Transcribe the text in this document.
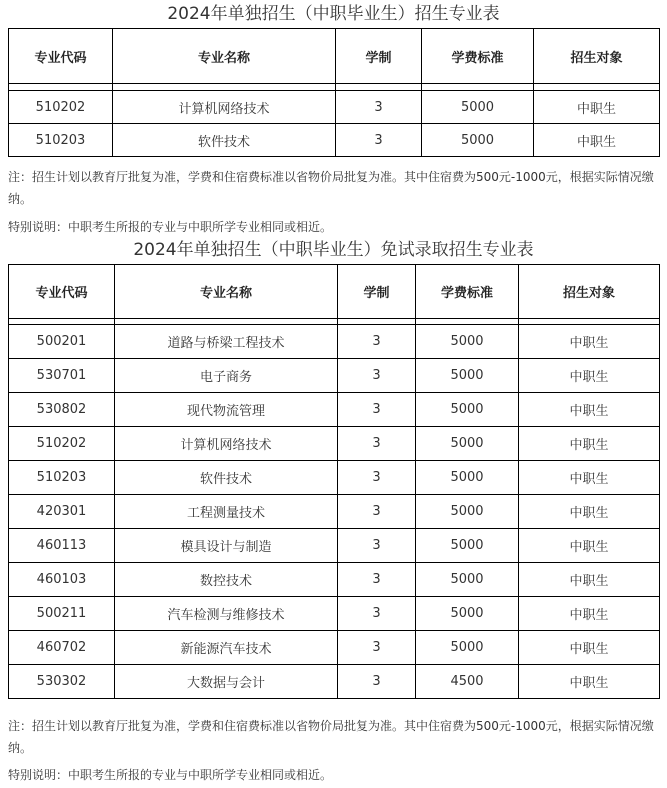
2024年单独招生（中职毕业生）招生专业表
专业代码	专业名称	学制	学费标准	招生对象

510202	计算机网络技术	3	5000	中职生
510203	软件技术	3	5000	中职生
注：招生计划以教育厅批复为准，学费和住宿费标准以省物价局批复为准。其中住宿费为500元-1000元，根据实际情况缴纳。
特别说明：中职考生所报的专业与中职所学专业相同或相近。
2024年单独招生（中职毕业生）免试录取招生专业表
专业代码	专业名称	学制	学费标准	招生对象

500201	道路与桥梁工程技术	3	5000	中职生
530701	电子商务	3	5000	中职生
530802	现代物流管理	3	5000	中职生
510202	计算机网络技术	3	5000	中职生
510203	软件技术	3	5000	中职生
420301	工程测量技术	3	5000	中职生
460113	模具设计与制造	3	5000	中职生
460103	数控技术	3	5000	中职生
500211	汽车检测与维修技术	3	5000	中职生
460702	新能源汽车技术	3	5000	中职生
530302	大数据与会计	3	4500	中职生
注：招生计划以教育厅批复为准，学费和住宿费标准以省物价局批复为准。其中住宿费为500元-1000元，根据实际情况缴纳。
特别说明：中职考生所报的专业与中职所学专业相同或相近。
